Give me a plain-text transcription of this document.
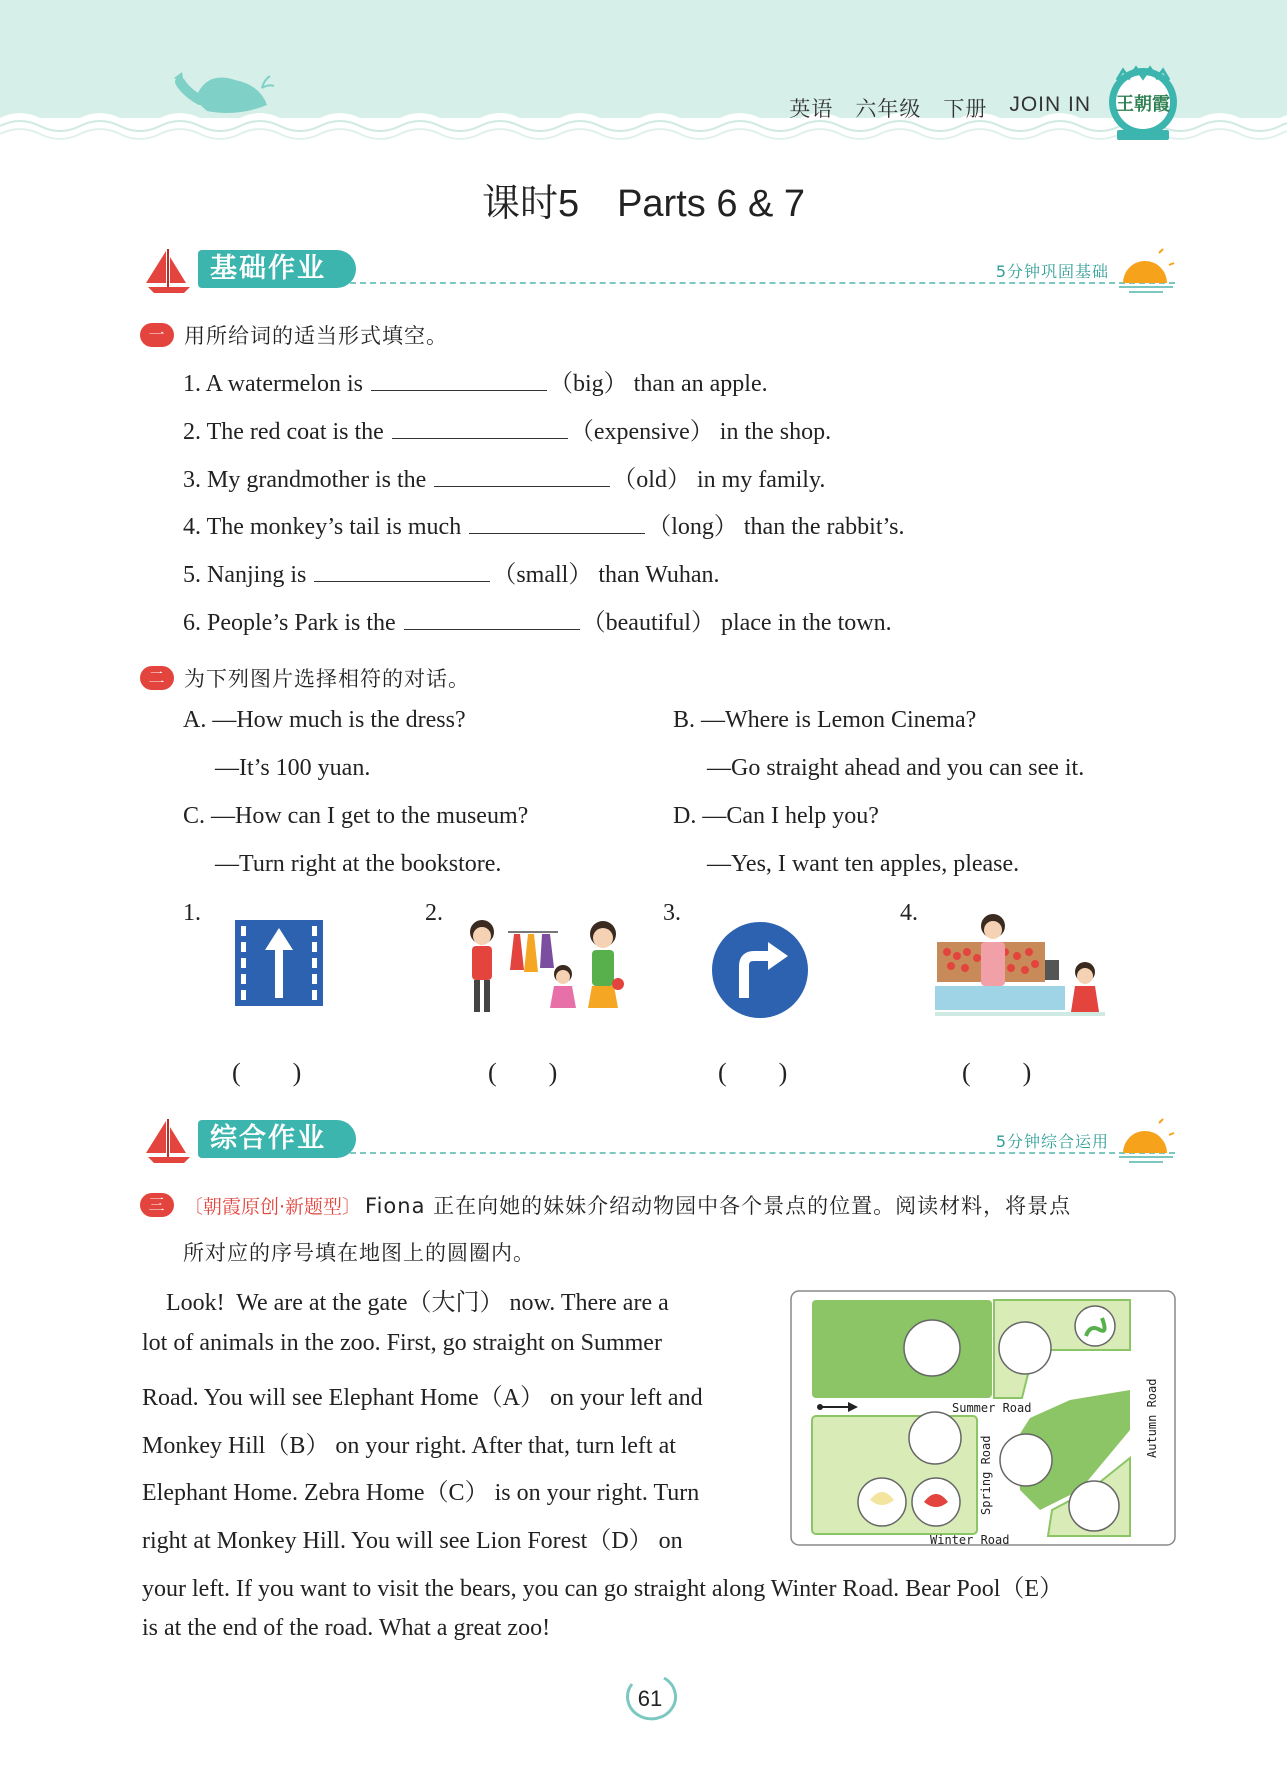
英语 六年级 下册 JOIN IN 王朝霞
课时5　Parts 6 & 7
基础作业	5分钟巩固基础
一 用所给词的适当形式填空。
1. A watermelon is	（big） than an apple.
2. The red coat is the	（expensive） in the shop.
3. My grandmother is the	（old） in my family.
4. The monkey’s tail is much	（long） than the rabbit’s.
5. Nanjing is	（small） than Wuhan.
6. People’s Park is the	（beautiful） place in the town.
二 为下列图片选择相符的对话。
A. —How much is the dress?
—It’s 100 yuan.
B. —Where is Lemon Cinema?
—Go straight ahead and you can see it.
C. —How can I get to the museum?
—Turn right at the bookstore.
D. —Can I help you?
—Yes, I want ten apples, please.
1.	2.	3.	4.
(　　)	(　　)	(　　)	(　　)
综合作业	5分钟综合运用
三 〔朝霞原创·新题型〕 Fiona 正在向她的妹妹介绍动物园中各个景点的位置。阅读材料，将景点
所对应的序号填在地图上的圆圈内。
　Look!  We are at the gate（大门） now. There are a
lot of animals in the zoo. First, go straight on Summer
Road. You will see Elephant Home（A） on your left and
Monkey Hill（B） on your right. After that, turn left at
Elephant Home. Zebra Home（C） is on your right. Turn
right at Monkey Hill. You will see Lion Forest（D） on
your left. If you want to visit the bears, you can go straight along Winter Road. Bear Pool（E）
is at the end of the road. What a great zoo!
Summer Road	Autumn Road
Spring Road
Winter Road
61
